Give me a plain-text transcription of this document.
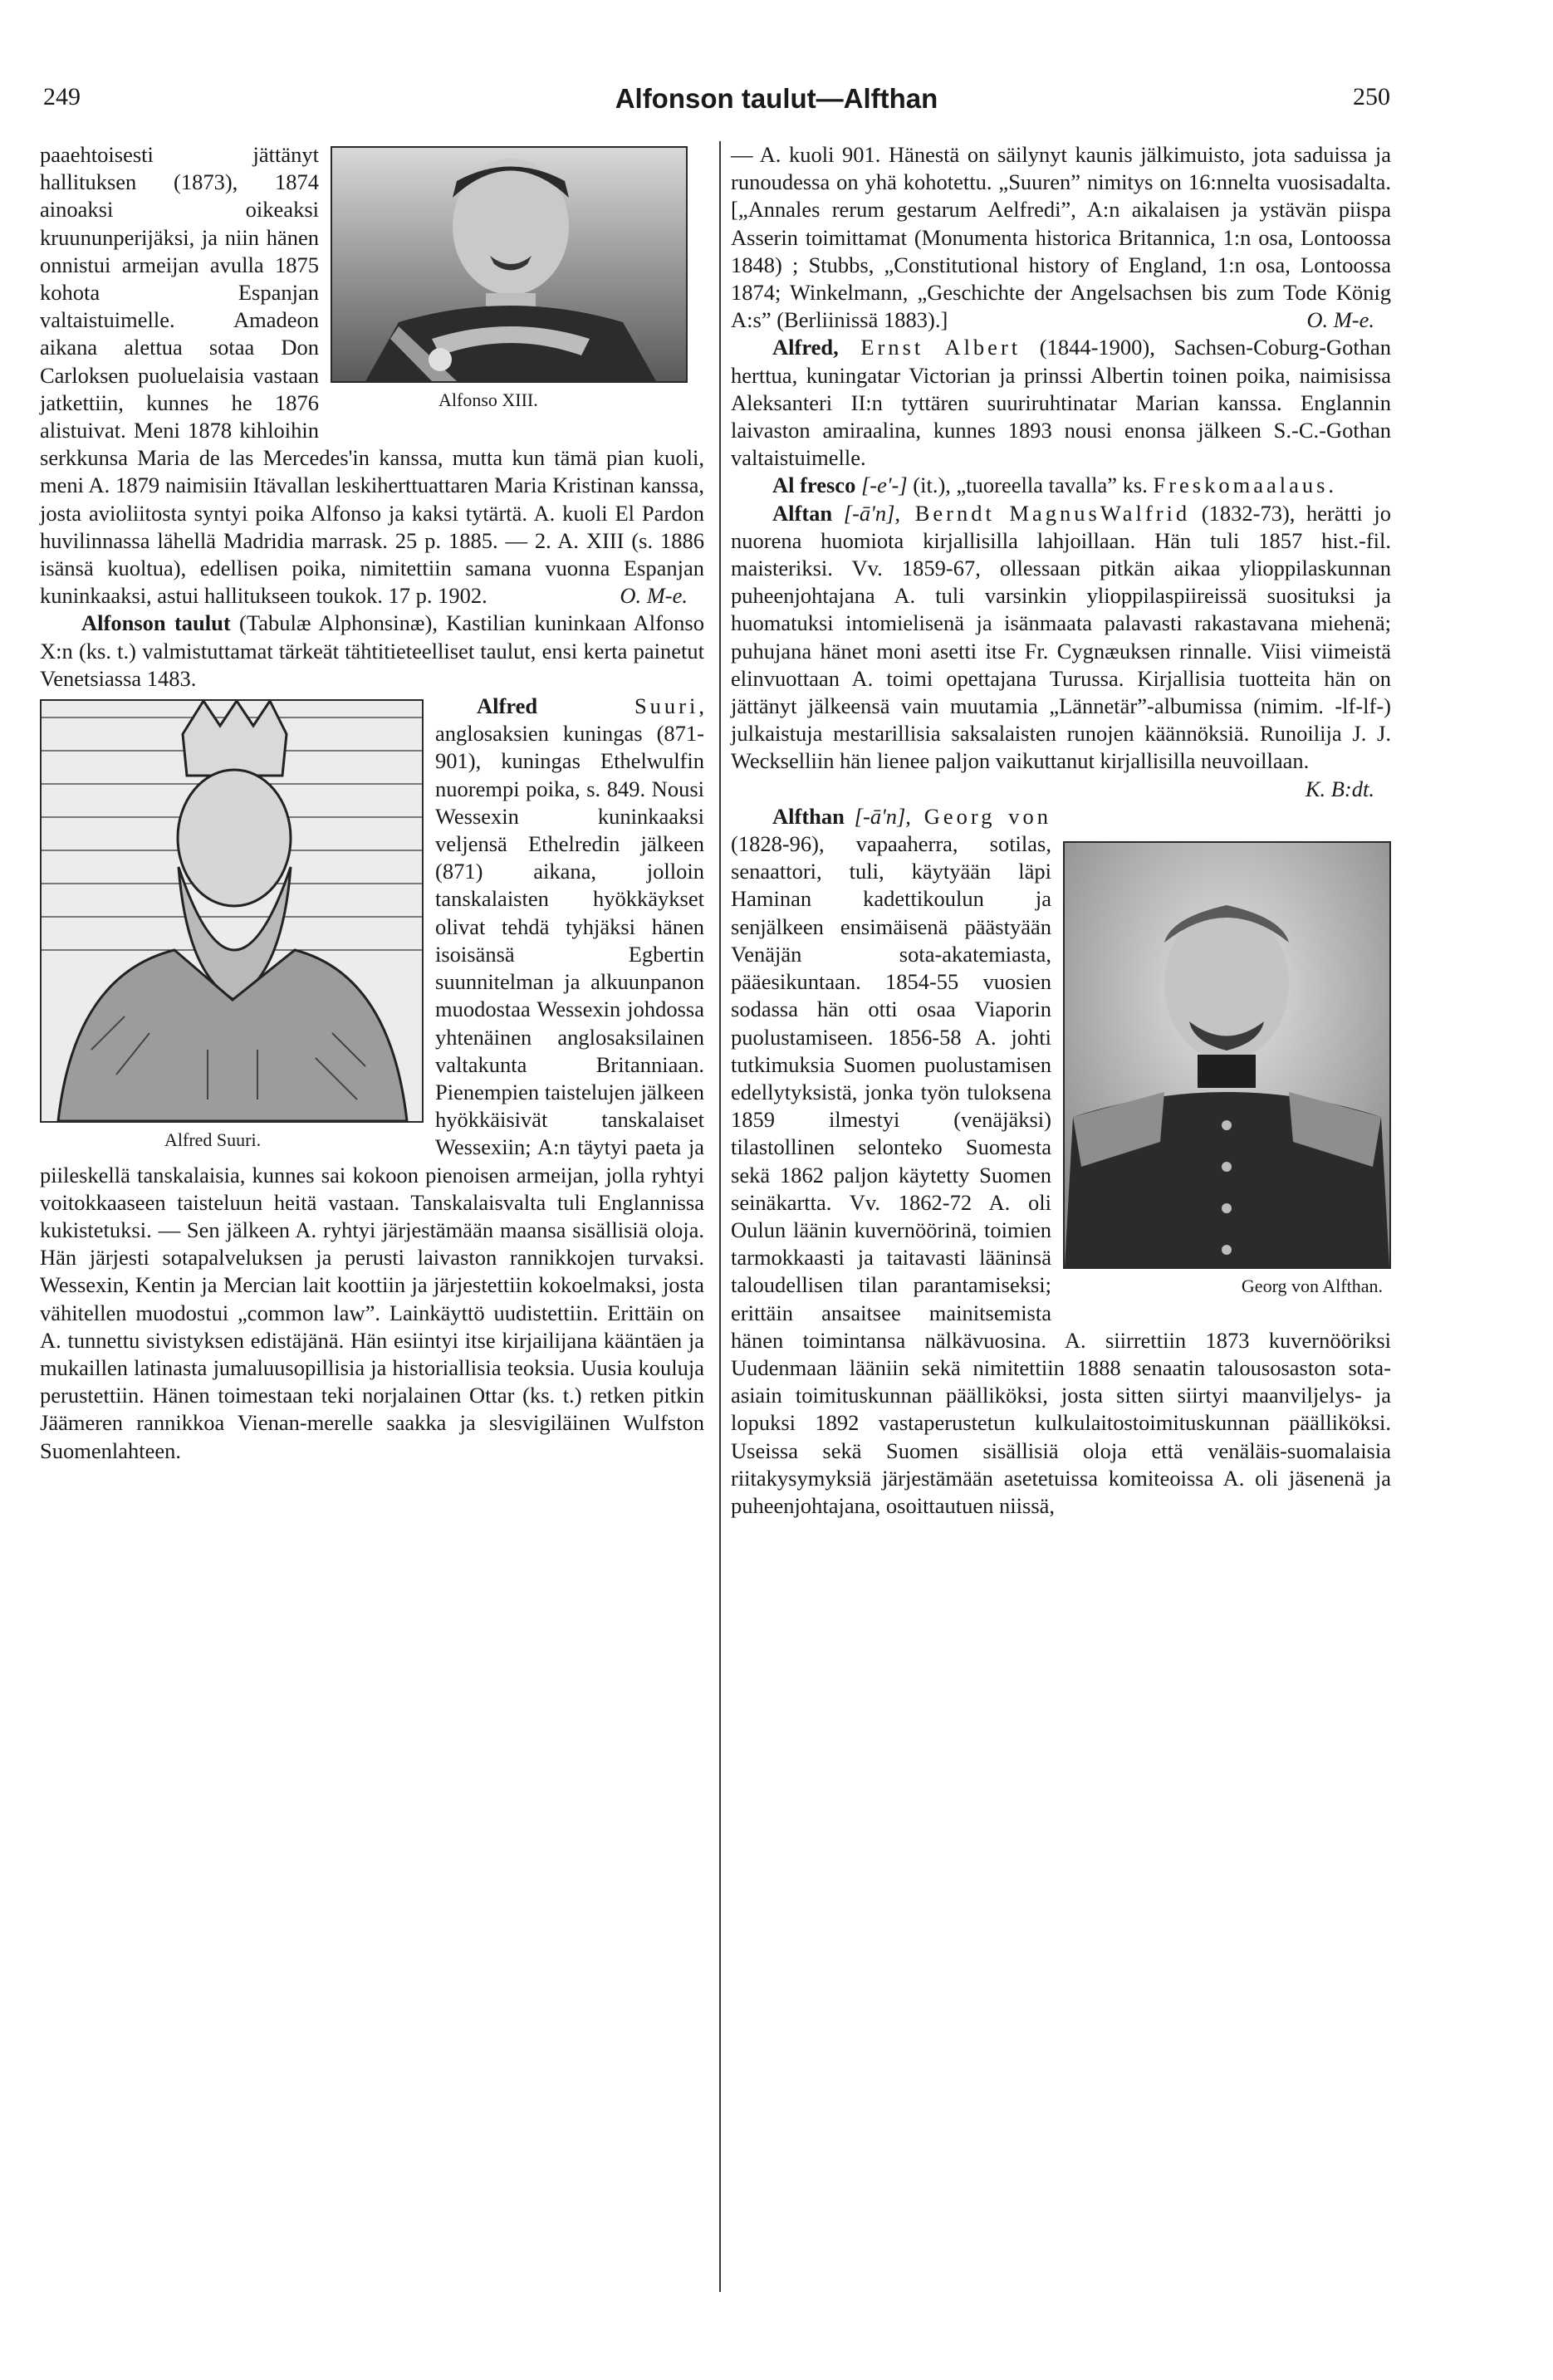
249	Alfonson taulut—Alfthan	250
Alfonso XIII.

paaehtoisesti jättänyt hallituksen (1873), 1874 ainoaksi oikeaksi kruununperijäksi, ja niin hänen onnistui armeijan avulla 1875 kohota Espanjan valtaistuimelle. Amadeon aikana alettua sotaa Don Carloksen puoluelaisia vastaan jatkettiin, kunnes he 1876 alistuivat. Meni 1878 kihloihin serkkunsa Maria de las Mercedes'in kanssa, mutta kun tämä pian kuoli, meni A. 1879 naimisiin Itävallan leskiherttuattaren Maria Kristinan kanssa, josta avioliitosta syntyi poika Alfonso ja kaksi tytärtä. A. kuoli El Pardon huvilinnassa lähellä Madridia marrask. 25 p. 1885. — 2. A. XIII (s. 1886 isänsä kuoltua), edellisen poika, nimitettiin samana vuonna Espanjan kuninkaaksi, astui hallitukseen toukok. 17 p. 1902.	O. M-e.

Alfonson taulut (Tabulæ Alphonsinæ), Kastilian kuninkaan Alfonso X:n (ks. t.) valmistuttamat tärkeät tähtitieteelliset taulut, ensi kerta painetut Venetsiassa 1483.

Alfred Suuri.

Alfred Suuri, anglosaksien kuningas (871-901), kuningas Ethelwulfin nuorempi poika, s. 849. Nousi Wessexin kuninkaaksi veljensä Ethelredin jälkeen (871) aikana, jolloin tanskalaisten hyökkäykset olivat tehdä tyhjäksi hänen isoisänsä Egbertin suunnitelman ja alkuunpanon muodostaa Wessexin johdossa yhtenäinen anglosaksilainen valtakunta Britanniaan. Pienempien taistelujen jälkeen hyökkäisivät tanskalaiset Wessexiin; A:n täytyi paeta ja piileskellä tanskalaisia, kunnes sai kokoon pienoisen armeijan, jolla ryhtyi voitokkaaseen taisteluun heitä vastaan. Tanskalaisvalta tuli Englannissa kukistetuksi. — Sen jälkeen A. ryhtyi järjestämään maansa sisällisiä oloja. Hän järjesti sotapalveluksen ja perusti laivaston rannikkojen turvaksi. Wessexin, Kentin ja Mercian lait koottiin ja järjestettiin kokoelmaksi, josta vähitellen muodostui „common law”. Lainkäyttö uudistettiin. Erittäin on A. tunnettu sivistyksen edistäjänä. Hän esiintyi itse kirjailijana kääntäen ja mukaillen latinasta jumaluusopillisia ja historiallisia teoksia. Uusia kouluja perustettiin. Hänen toimestaan teki norjalainen Ottar (ks. t.) retken pitkin Jäämeren rannikkoa Vienan-merelle saakka ja slesvigiläinen Wulfston Suomenlahteen.

— A. kuoli 901. Hänestä on säilynyt kaunis jälkimuisto, jota saduissa ja runoudessa on yhä kohotettu. „Suuren” nimitys on 16:nnelta vuosisadalta. [„Annales rerum gestarum Aelfredi”, A:n aikalaisen ja ystävän piispa Asserin toimittamat (Monumenta historica Britannica, 1:n osa, Lontoossa 1848) ; Stubbs, „Constitutional history of England, 1:n osa, Lontoossa 1874; Winkelmann, „Geschichte der Angelsachsen bis zum Tode König A:s” (Berliinissä 1883).]	O. M-e.

Alfred, Ernst Albert (1844-1900), Sachsen-Coburg-Gothan herttua, kuningatar Victorian ja prinssi Albertin toinen poika, naimisissa Aleksanteri II:n tyttären suuriruhtinatar Marian kanssa. Englannin laivaston amiraalina, kunnes 1893 nousi enonsa jälkeen S.-C.-Gothan valtaistuimelle.

Al fresco [-e'-] (it.), „tuoreella tavalla” ks. Freskomaalaus.

Alftan [-ā'n], Berndt MagnusWalfrid (1832-73), herätti jo nuorena huomiota kirjallisilla lahjoillaan. Hän tuli 1857 hist.-fil. maisteriksi. Vv. 1859-67, ollessaan pitkän aikaa ylioppilaskunnan puheenjohtajana A. tuli varsinkin ylioppilaspiireissä suosituksi ja huomatuksi intomielisenä ja isänmaata palavasti rakastavana miehenä; puhujana hänet moni asetti itse Fr. Cygnæuksen rinnalle. Viisi viimeistä elinvuottaan A. toimi opettajana Turussa. Kirjallisia tuotteita hän on jättänyt jälkeensä vain muutamia „Lännetär”-albumissa (nimim. -lf-lf-) julkaistuja mestarillisia saksalaisten runojen käännöksiä. Runoilija J. J. Weckselliin hän lienee paljon vaikuttanut kirjallisilla neuvoillaan.

K. B:dt.
Georg von Alfthan.

Alfthan [-ā'n], Georg von (1828-96), vapaaherra, sotilas, senaattori, tuli, käytyään läpi Haminan kadettikoulun ja senjälkeen ensimäisenä päästyään Venäjän sota-akatemiasta, pääesikuntaan. 1854-55 vuosien sodassa hän otti osaa Viaporin puolustamiseen. 1856-58 A. johti tutkimuksia Suomen puolustamisen edellytyksistä, jonka työn tuloksena 1859 ilmestyi (venäjäksi) tilastollinen selonteko Suomesta sekä 1862 paljon käytetty Suomen seinäkartta. Vv. 1862-72 A. oli Oulun läänin kuvernöörinä, toimien tarmokkaasti ja taitavasti lääninsä taloudellisen tilan parantamiseksi; erittäin ansaitsee mainitsemista hänen toimintansa nälkävuosina. A. siirrettiin 1873 kuvernööriksi Uudenmaan lääniin sekä nimitettiin 1888 senaatin talousosaston sota-asiain toimituskunnan päälliköksi, josta sitten siirtyi maanviljelys- ja lopuksi 1892 vastaperustetun kulkulaitostoimituskunnan päälliköksi. Useissa sekä Suomen sisällisiä oloja että venäläis-suomalaisia riitakysymyksiä järjestämään asetetuissa komiteoissa A. oli jäsenenä ja puheenjohtajana, osoittautuen niissä,
